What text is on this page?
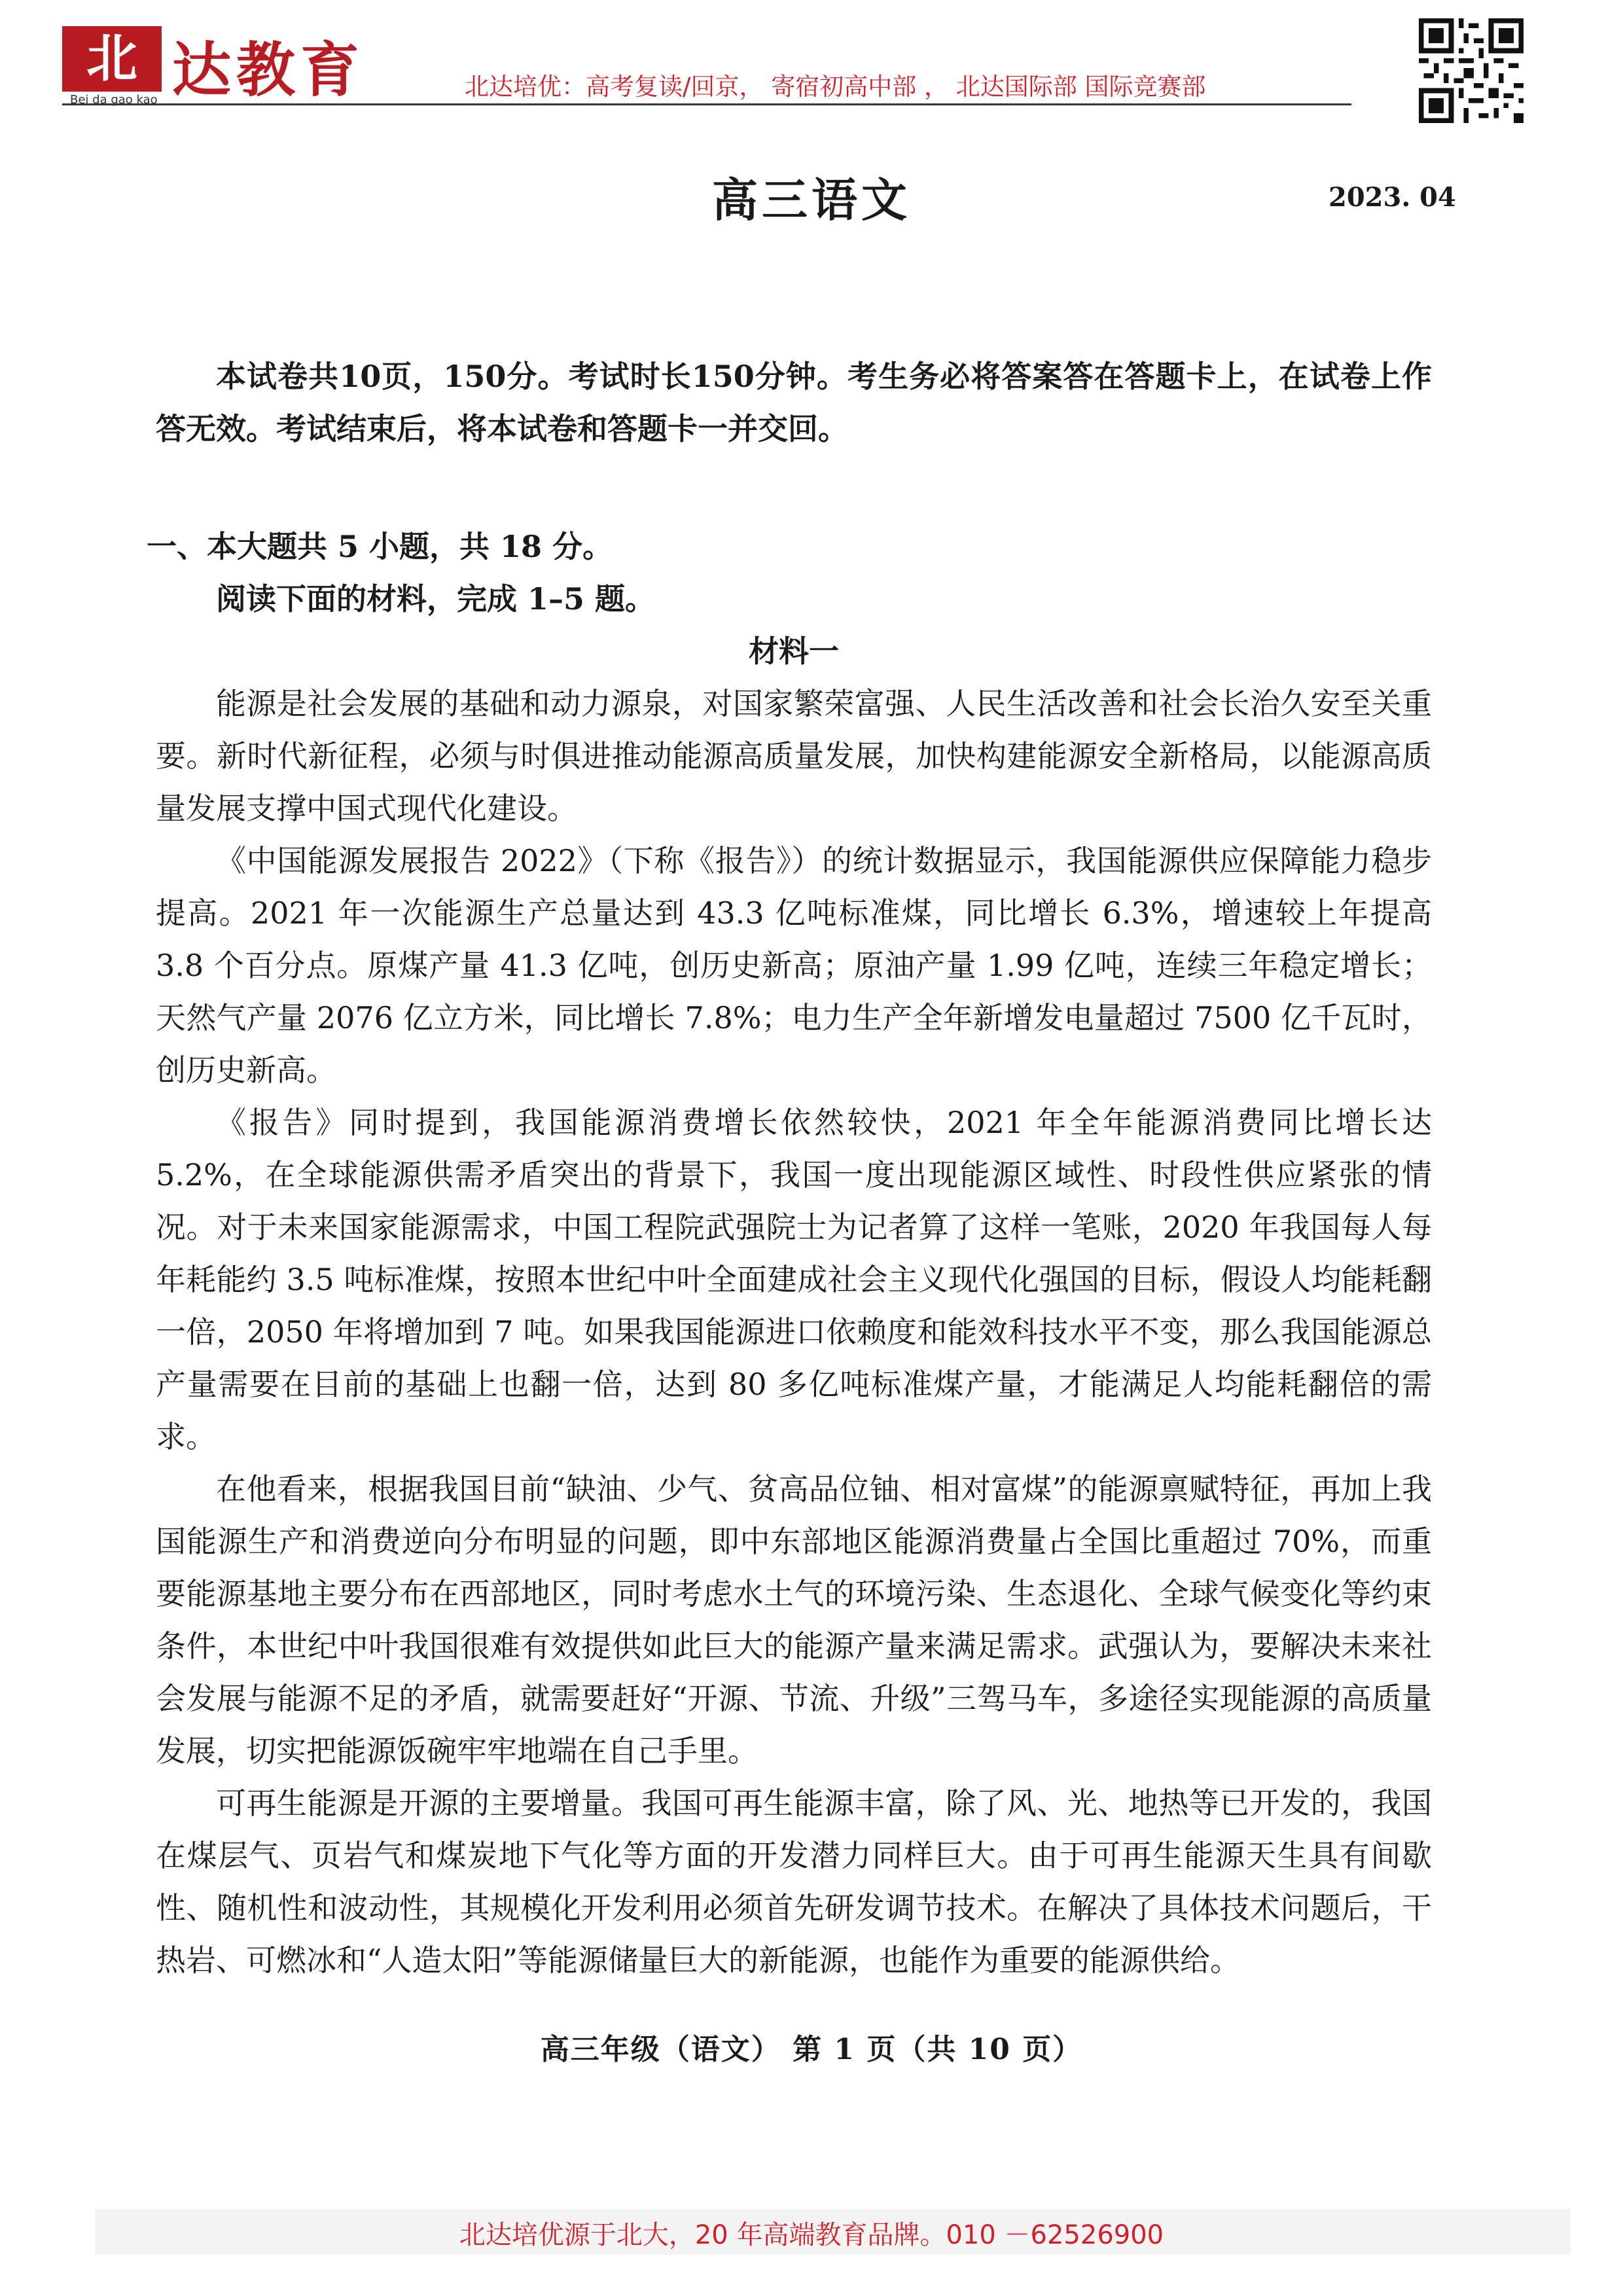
北 达教育
Bei da gao kao	北达培优：高考复读/回京， 寄宿初高中部 ， 北达国际部 国际竞赛部
高三语文	2023. 04

本试卷共10页，150分。考试时长150分钟。考生务必将答案答在答题卡上，在试卷上作答无效。考试结束后，将本试卷和答题卡一并交回。

一、本大题共 5 小题，共 18 分。

阅读下面的材料，完成 1–5 题。

材料一

能源是社会发展的基础和动力源泉，对国家繁荣富强、人民生活改善和社会长治久安至关重要。新时代新征程，必须与时俱进推动能源高质量发展，加快构建能源安全新格局，以能源高质量发展支撑中国式现代化建设。

《中国能源发展报告 2022》（下称《报告》）的统计数据显示，我国能源供应保障能力稳步提高。2021 年一次能源生产总量达到 43.3 亿吨标准煤，同比增长 6.3%，增速较上年提高 3.8 个百分点。原煤产量 41.3 亿吨，创历史新高；原油产量 1.99 亿吨，连续三年稳定增长；天然气产量 2076 亿立方米，同比增长 7.8%；电力生产全年新增发电量超过 7500 亿千瓦时，创历史新高。

《报告》同时提到，我国能源消费增长依然较快，2021 年全年能源消费同比增长达 5.2%，在全球能源供需矛盾突出的背景下，我国一度出现能源区域性、时段性供应紧张的情况。对于未来国家能源需求，中国工程院武强院士为记者算了这样一笔账，2020 年我国每人每年耗能约 3.5 吨标准煤，按照本世纪中叶全面建成社会主义现代化强国的目标，假设人均能耗翻一倍，2050 年将增加到 7 吨。如果我国能源进口依赖度和能效科技水平不变，那么我国能源总产量需要在目前的基础上也翻一倍，达到 80 多亿吨标准煤产量，才能满足人均能耗翻倍的需求。

在他看来，根据我国目前“缺油、少气、贫高品位铀、相对富煤”的能源禀赋特征，再加上我国能源生产和消费逆向分布明显的问题，即中东部地区能源消费量占全国比重超过 70%，而重要能源基地主要分布在西部地区，同时考虑水土气的环境污染、生态退化、全球气候变化等约束条件，本世纪中叶我国很难有效提供如此巨大的能源产量来满足需求。武强认为，要解决未来社会发展与能源不足的矛盾，就需要赶好“开源、节流、升级”三驾马车，多途径实现能源的高质量发展，切实把能源饭碗牢牢地端在自己手里。

可再生能源是开源的主要增量。我国可再生能源丰富，除了风、光、地热等已开发的，我国在煤层气、页岩气和煤炭地下气化等方面的开发潜力同样巨大。由于可再生能源天生具有间歇性、随机性和波动性，其规模化开发利用必须首先研发调节技术。在解决了具体技术问题后，干热岩、可燃冰和“人造太阳”等能源储量巨大的新能源，也能作为重要的能源供给。

高三年级（语文） 第 1 页（共 10 页）
北达培优源于北大，20 年高端教育品牌。010 －62526900
